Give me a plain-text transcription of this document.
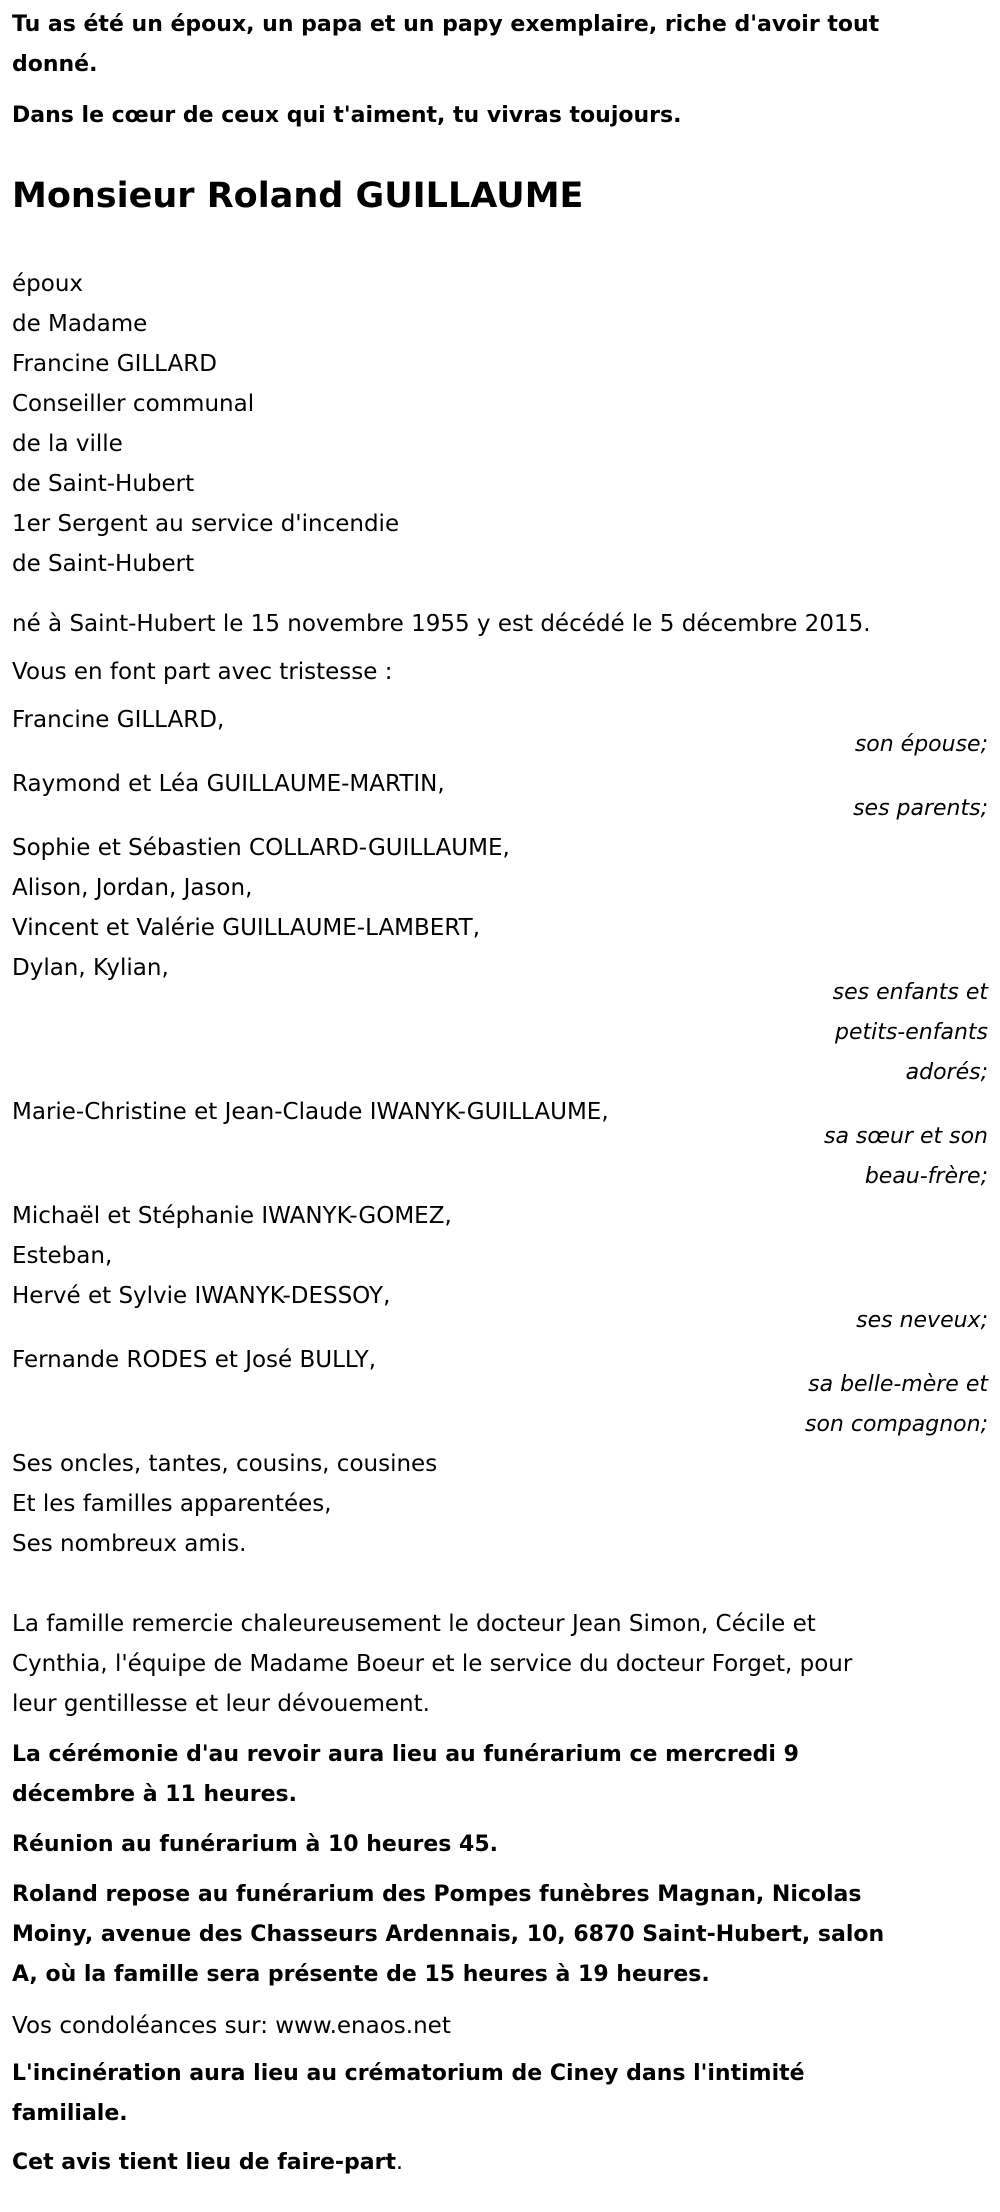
Tu as été un époux, un papa et un papy exemplaire, riche d'avoir tout
donné.
Dans le cœur de ceux qui t'aiment, tu vivras toujours.
Monsieur Roland GUILLAUME
époux
de Madame
Francine GILLARD
Conseiller communal
de la ville
de Saint-Hubert
1er Sergent au service d'incendie
de Saint-Hubert
né à Saint-Hubert le 15 novembre 1955 y est décédé le 5 décembre 2015.
Vous en font part avec tristesse :
Francine GILLARD,
son épouse;
Raymond et Léa GUILLAUME-MARTIN,
ses parents;
Sophie et Sébastien COLLARD-GUILLAUME,
Alison, Jordan, Jason,
Vincent et Valérie GUILLAUME-LAMBERT,
Dylan, Kylian,
ses enfants et
petits-enfants
adorés;
Marie-Christine et Jean-Claude IWANYK-GUILLAUME,
sa sœur et son
beau-frère;
Michaël et Stéphanie IWANYK-GOMEZ,
Esteban,
Hervé et Sylvie IWANYK-DESSOY,
ses neveux;
Fernande RODES et José BULLY,
sa belle-mère et
son compagnon;
Ses oncles, tantes, cousins, cousines
Et les familles apparentées,
Ses nombreux amis.
La famille remercie chaleureusement le docteur Jean Simon, Cécile et
Cynthia, l'équipe de Madame Boeur et le service du docteur Forget, pour
leur gentillesse et leur dévouement.
La cérémonie d'au revoir aura lieu au funérarium ce mercredi 9
décembre à 11 heures.
Réunion au funérarium à 10 heures 45.
Roland repose au funérarium des Pompes funèbres Magnan, Nicolas
Moiny, avenue des Chasseurs Ardennais, 10, 6870 Saint-Hubert, salon
A, où la famille sera présente de 15 heures à 19 heures.
Vos condoléances sur: www.enaos.net
L'incinération aura lieu au crématorium de Ciney dans l'intimité
familiale.
Cet avis tient lieu de faire-part.
